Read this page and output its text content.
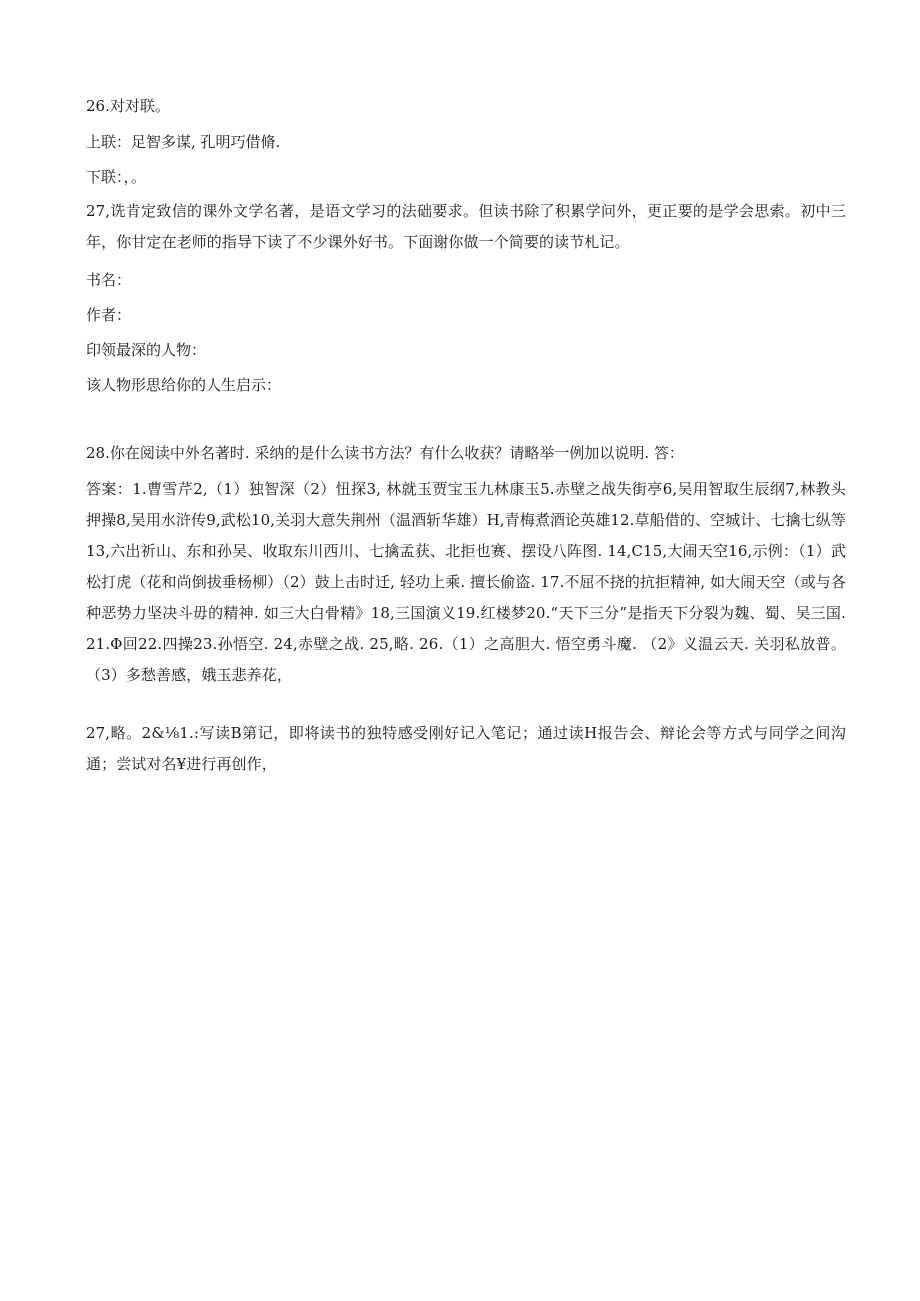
26.对对联。
上联：足智多谋, 孔明巧借脩.
下联：，。
27,诜肯定致信的课外文学名著，是语文学习的法础要求。但读书除了积累学问外，更正要的是学会思索。初中三年，你甘定在老师的指导下读了不少课外好书。下面谢你做一个简要的读节札记。
书名：
作者：
印领最深的人物：
该人物形思给你的人生启示：
28.你在阅读中外名著时. 采纳的是什么读书方法？有什么收获？请略举一例加以说明. 答：
答案：1.曹雪芹2,（1）独智深（2）忸探3, 林就玉贾宝玉九林康玉5.赤壁之战失街亭6,吴用智取生辰纲7,林教头押操8,吴用水浒传9,武松10,关羽大意失荆州（温酒斩华雄）H,青梅煮酒论英雄12.草船借的、空城计、七擒七纵等13,六出祈山、东和孙吴、收取东川西川、七擒孟获、北拒也赛、摆设八阵图. 14,C15,大闹天空16,示例：（1）武松打虎（花和尚倒拔垂杨柳）（2）鼓上击时迁, 轻功上乘. 擅长偷盗. 17.不屈不挠的抗拒精神, 如大闹天空（或与各种恶势力坚决斗毋的精神. 如三大白骨精》18,三国演义19.红楼梦20.“天下三分”是指天下分裂为魏、蜀、吴三国. 21.Φ回22.四操23.孙悟空. 24,赤壁之战. 25,略. 26.（1）之高胆大. 悟空勇斗魔. （2》义温云天. 关羽私放普。（3）多愁善感，娥玉悲养花，
27,略。2&⅛1.:写读B第记，即将读书的独特感受刚好记入笔记；通过读H报告会、辩论会等方式与同学之间沟通；尝试对名¥进行再创作，
